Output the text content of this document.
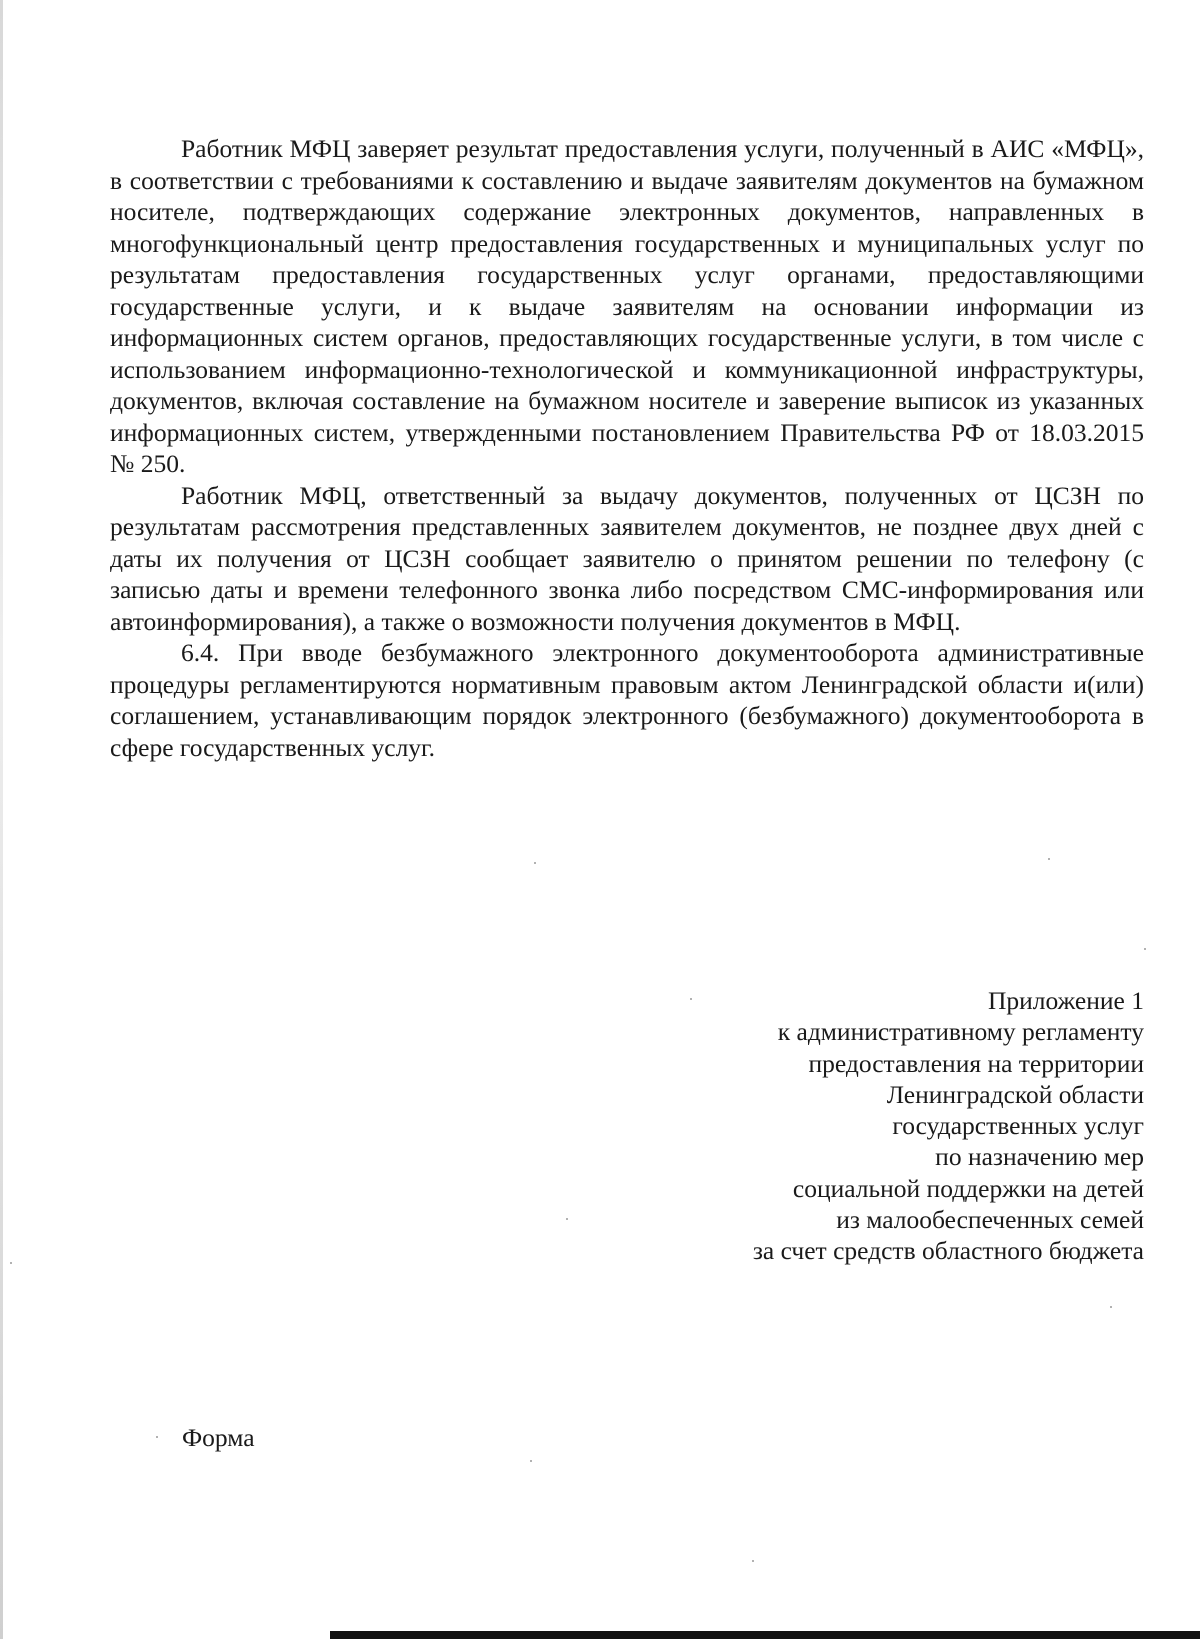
Работник МФЦ заверяет результат предоставления услуги, полученный в АИС «МФЦ», в соответствии с требованиями к составлению и выдаче заявителям документов на бумажном носителе, подтверждающих содержание электронных документов, направленных в многофункциональный центр предоставления государственных и муниципальных услуг по результатам предоставления государственных услуг органами, предоставляющими государственные услуги, и к выдаче заявителям на основании информации из информационных систем органов, предоставляющих государственные услуги, в том числе с использованием информационно-технологической и коммуникационной инфраструктуры, документов, включая составление на бумажном носителе и заверение выписок из указанных информационных систем, утвержденными постановлением Правительства РФ от 18.03.2015 № 250.

Работник МФЦ, ответственный за выдачу документов, полученных от ЦСЗН по результатам рассмотрения представленных заявителем документов, не позднее двух дней с даты их получения от ЦСЗН сообщает заявителю о принятом решении по телефону (с записью даты и времени телефонного звонка либо посредством СМС-информирования или автоинформирования), а также о возможности получения документов в МФЦ.

6.4. При вводе безбумажного электронного документооборота административные процедуры регламентируются нормативным правовым актом Ленинградской области и(или) соглашением, устанавливающим порядок электронного (безбумажного) документооборота в сфере государственных услуг.

Приложение 1
к административному регламенту
предоставления на территории
Ленинградской области
государственных услуг
по назначению мер
социальной поддержки на детей
из малообеспеченных семей
за счет средств областного бюджета
Форма
